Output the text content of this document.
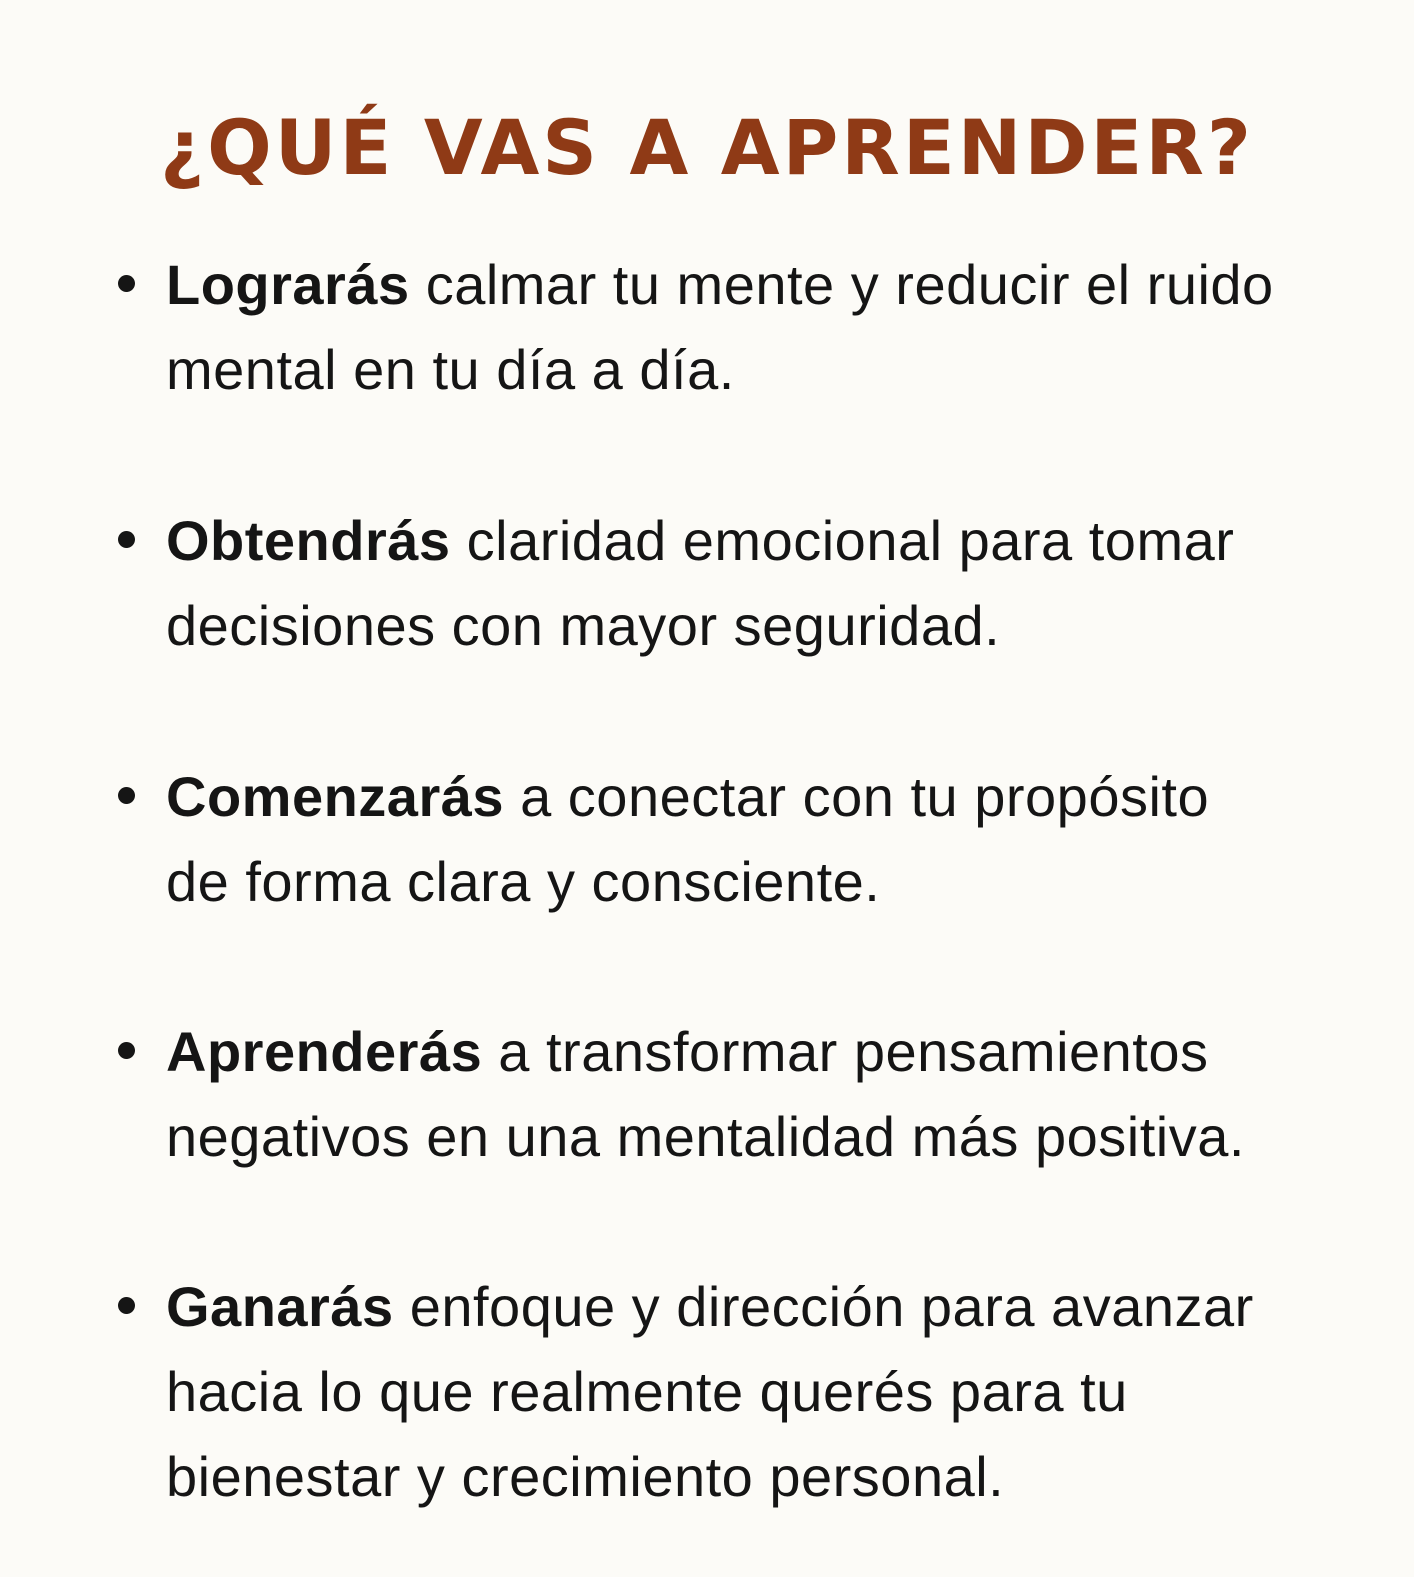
¿QUÉ VAS A APRENDER?
Lograrás calmar tu mente y reducir el ruido
mental en tu día a día.
Obtendrás claridad emocional para tomar
decisiones con mayor seguridad.
Comenzarás a conectar con tu propósito
de forma clara y consciente.
Aprenderás a transformar pensamientos
negativos en una mentalidad más positiva.
Ganarás enfoque y dirección para avanzar
hacia lo que realmente querés para tu
bienestar y crecimiento personal.
